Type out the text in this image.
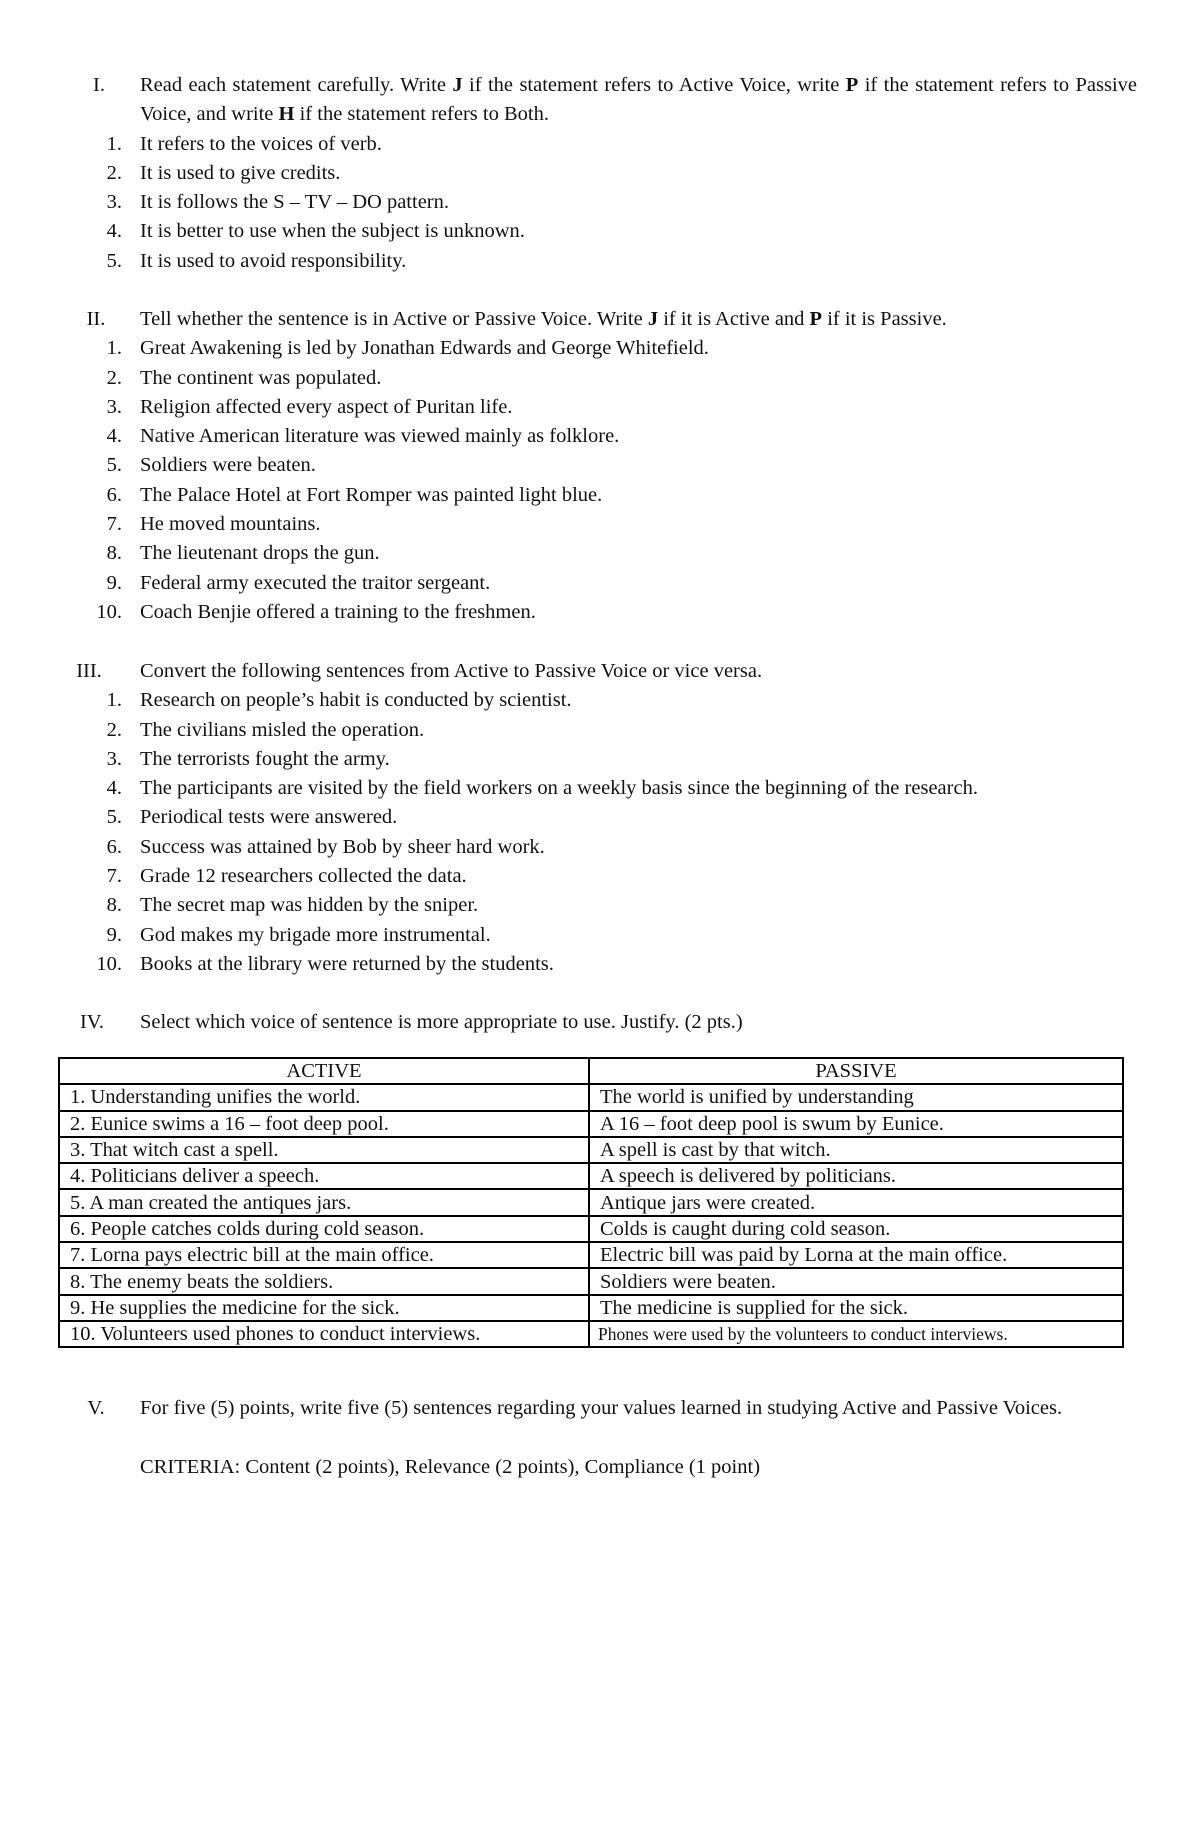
I.	Read each statement carefully. Write J if the statement refers to Active Voice, write P if the statement refers to Passive Voice, and write H if the statement refers to Both.
1. It refers to the voices of verb.
2. It is used to give credits.
3. It is follows the S – TV – DO pattern.
4. It is better to use when the subject is unknown.
5. It is used to avoid responsibility.
II.	Tell whether the sentence is in Active or Passive Voice. Write J if it is Active and P if it is Passive.
1. Great Awakening is led by Jonathan Edwards and George Whitefield.
2. The continent was populated.
3. Religion affected every aspect of Puritan life.
4. Native American literature was viewed mainly as folklore.
5. Soldiers were beaten.
6. The Palace Hotel at Fort Romper was painted light blue.
7. He moved mountains.
8. The lieutenant drops the gun.
9. Federal army executed the traitor sergeant.
10. Coach Benjie offered a training to the freshmen.
III.	Convert the following sentences from Active to Passive Voice or vice versa.
1. Research on people’s habit is conducted by scientist.
2. The civilians misled the operation.
3. The terrorists fought the army.
4. The participants are visited by the field workers on a weekly basis since the beginning of the research.
5. Periodical tests were answered.
6. Success was attained by Bob by sheer hard work.
7. Grade 12 researchers collected the data.
8. The secret map was hidden by the sniper.
9. God makes my brigade more instrumental.
10. Books at the library were returned by the students.
IV.	Select which voice of sentence is more appropriate to use. Justify. (2 pts.)
ACTIVE	PASSIVE
1. Understanding unifies the world.	The world is unified by understanding
2. Eunice swims a 16 – foot deep pool.	A 16 – foot deep pool is swum by Eunice.
3. That witch cast a spell.	A spell is cast by that witch.
4. Politicians deliver a speech.	A speech is delivered by politicians.
5. A man created the antiques jars.	Antique jars were created.
6. People catches colds during cold season.	Colds is caught during cold season.
7. Lorna pays electric bill at the main office.	Electric bill was paid by Lorna at the main office.
8. The enemy beats the soldiers.	Soldiers were beaten.
9. He supplies the medicine for the sick.	The medicine is supplied for the sick.
10. Volunteers used phones to conduct interviews.	Phones were used by the volunteers to conduct interviews.
V.	For five (5) points, write five (5) sentences regarding your values learned in studying Active and Passive Voices.
CRITERIA: Content (2 points), Relevance (2 points), Compliance (1 point)
